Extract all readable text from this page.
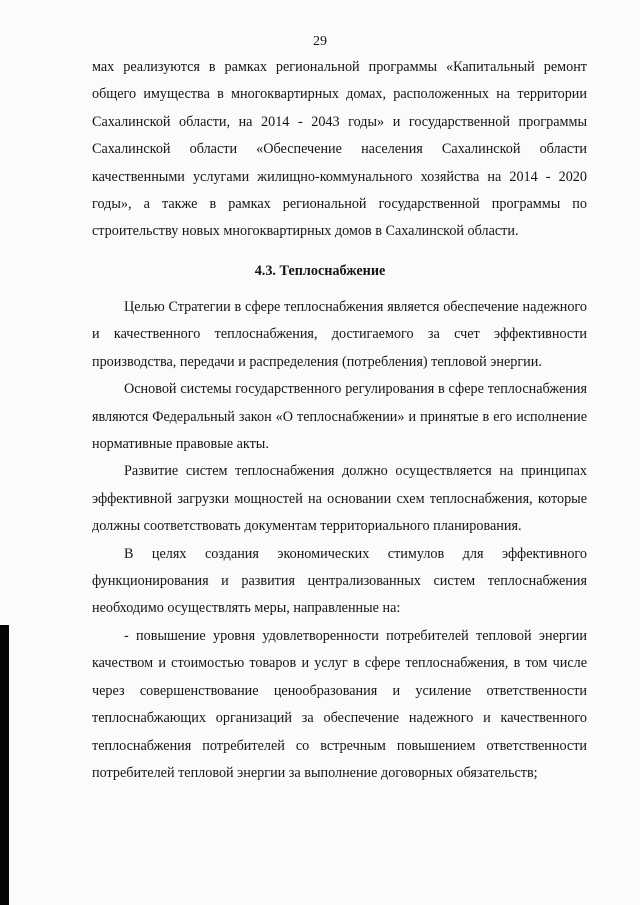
29

мах реализуются в рамках региональной программы «Капитальный ремонт общего имущества в многоквартирных домах, расположенных на территории Сахалинской области, на 2014 - 2043 годы» и государственной программы Сахалинской области «Обеспечение населения Сахалинской области качественными услугами жилищно-коммунального хозяйства на 2014 - 2020 годы», а также в рамках региональной государственной программы по строительству новых многоквартирных домов в Сахалинской области.

4.3. Теплоснабжение

Целью Стратегии в сфере теплоснабжения является обеспечение надежного и качественного теплоснабжения, достигаемого за счет эффективности производства, передачи и распределения (потребления) тепловой энергии.

Основой системы государственного регулирования в сфере теплоснабжения являются Федеральный закон «О теплоснабжении» и принятые в его исполнение нормативные правовые акты.

Развитие систем теплоснабжения должно осуществляется на принципах эффективной загрузки мощностей на основании схем теплоснабжения, которые должны соответствовать документам территориального планирования.

В целях создания экономических стимулов для эффективного функционирования и развития централизованных систем теплоснабжения необходимо осуществлять меры, направленные на:

- повышение уровня удовлетворенности потребителей тепловой энергии качеством и стоимостью товаров и услуг в сфере теплоснабжения, в том числе через совершенствование ценообразования и усиление ответственности теплоснабжающих организаций за обеспечение надежного и качественного теплоснабжения потребителей со встречным повышением ответственности потребителей тепловой энергии за выполнение договорных обязательств;
